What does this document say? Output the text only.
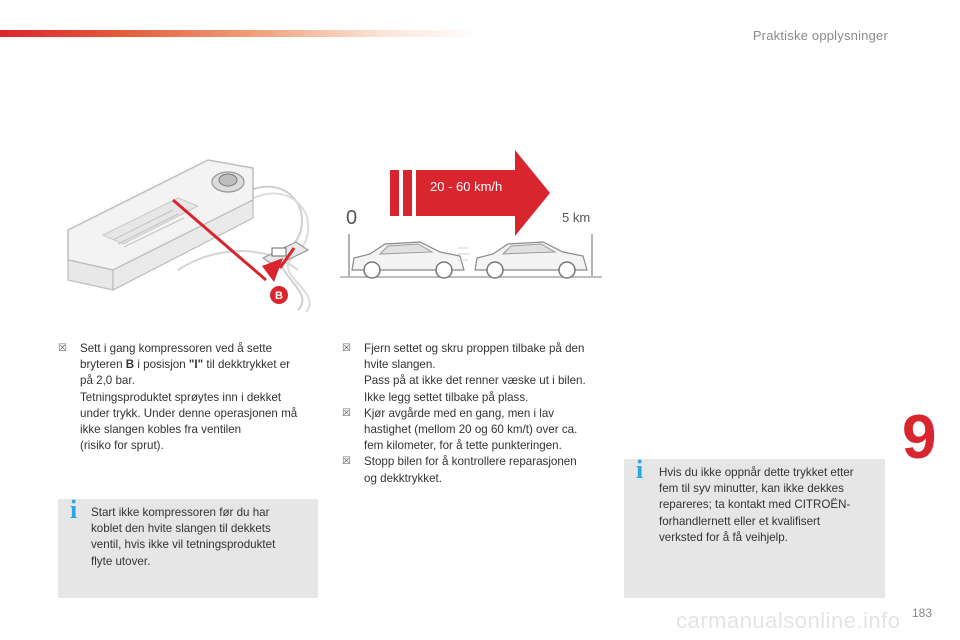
Praktiske opplysninger
B
20 - 60 km/h
0	5 km
☒ Sett i gang kompressoren ved å sette

bryteren B i posisjon "I" til dekktrykket er

på 2,0 bar.

Tetningsproduktet sprøytes inn i dekket

under trykk. Under denne operasjonen må

ikke slangen kobles fra ventilen

(risiko for sprut).

i Start ikke kompressoren før du har

koblet den hvite slangen til dekkets

ventil, hvis ikke vil tetningsproduktet

flyte utover.

☒ Fjern settet og skru proppen tilbake på den

hvite slangen.

Pass på at ikke det renner væske ut i bilen.

Ikke legg settet tilbake på plass.

☒ Kjør avgårde med en gang, men i lav

hastighet (mellom 20 og 60 km/t) over ca.

fem kilometer, for å tette punkteringen.

☒ Stopp bilen for å kontrollere reparasjonen

og dekktrykket.	i Hvis du ikke oppnår dette trykket etter

fem til syv minutter, kan ikke dekkes

repareres; ta kontakt med CITROËN-

forhandlernett eller et kvalifisert

verksted for å få veihjelp.

9
carmanualsonline.info 183
